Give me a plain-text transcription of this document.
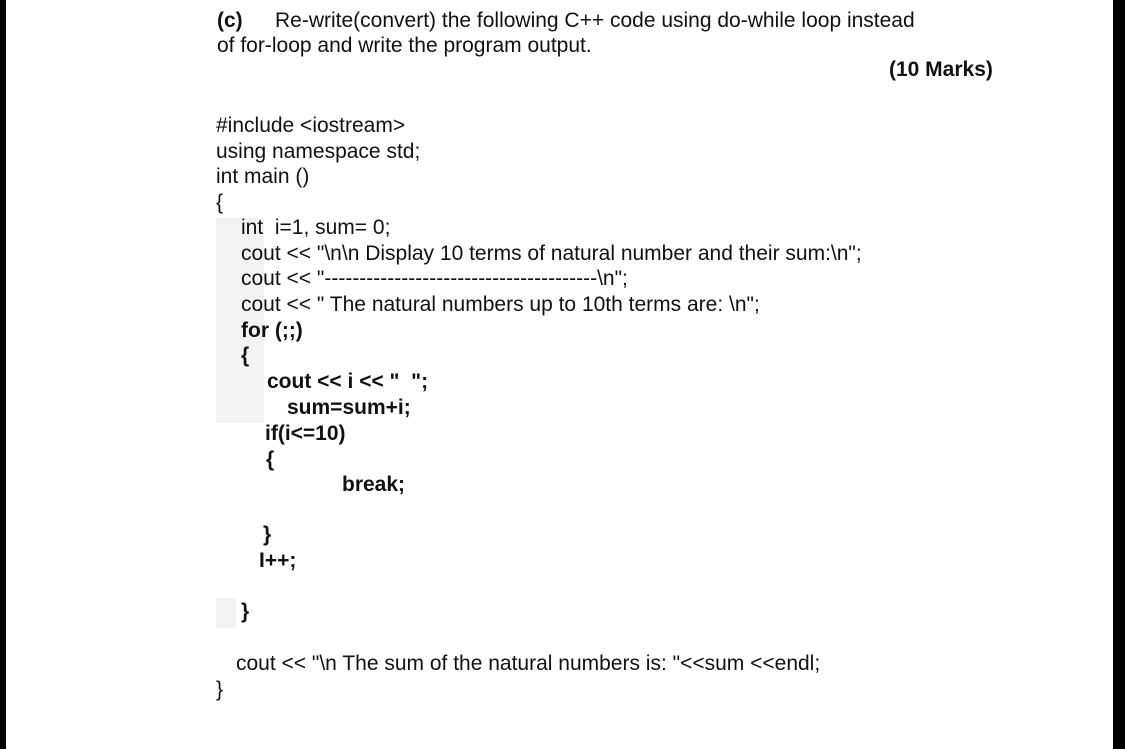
(c) Re-write(convert) the following C++ code using do-while loop instead
of for-loop and write the program output.
(10 Marks)
#include <iostream>
using namespace std;
int main ()
{
int  i=1, sum= 0;
cout << "\n\n Display 10 terms of natural number and their sum:\n";
cout << "---------------------------------------\n";
cout << " The natural numbers up to 10th terms are: \n";
for (;;)
{
cout << i << "  ";
sum=sum+i;
if(i<=10)
{
break;
}
I++;
}
cout << "\n The sum of the natural numbers is: "<<sum <<endl;
}
